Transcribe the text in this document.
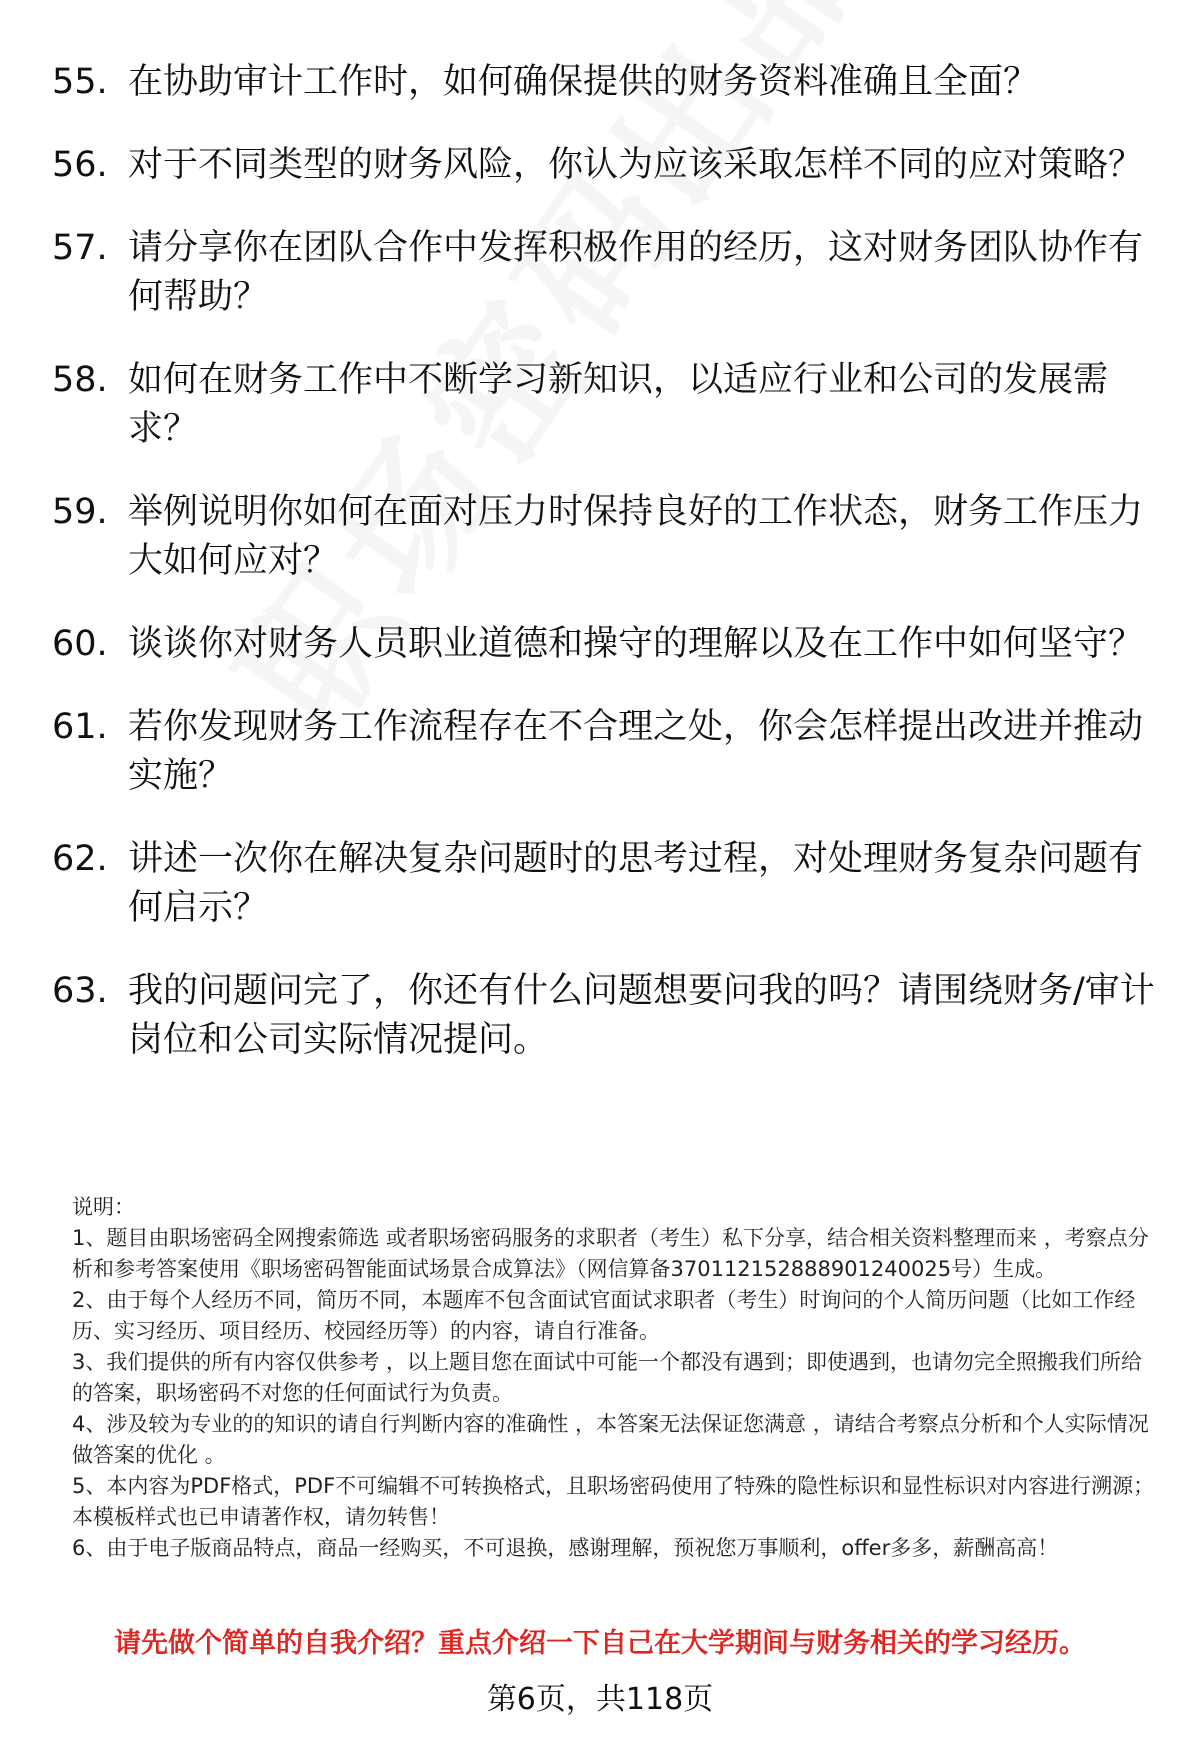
55. 在协助审计工作时，如何确保提供的财务资料准确且全面？
56. 对于不同类型的财务风险，你认为应该采取怎样不同的应对策略？
57. 请分享你在团队合作中发挥积极作用的经历，这对财务团队协作有何帮助？
58. 如何在财务工作中不断学习新知识，以适应行业和公司的发展需求？
59. 举例说明你如何在面对压力时保持良好的工作状态，财务工作压力大如何应对？
60. 谈谈你对财务人员职业道德和操守的理解以及在工作中如何坚守？
61. 若你发现财务工作流程存在不合理之处，你会怎样提出改进并推动实施？
62. 讲述一次你在解决复杂问题时的思考过程，对处理财务复杂问题有何启示？
63. 我的问题问完了，你还有什么问题想要问我的吗？请围绕财务/审计岗位和公司实际情况提问。
说明：
1、题目由职场密码全网搜索筛选 或者职场密码服务的求职者（考生）私下分享，结合相关资料整理而来 ，考察点分析和参考答案使用《职场密码智能面试场景合成算法》（网信算备370112152888901240025号）生成。
2、由于每个人经历不同，简历不同，本题库不包含面试官面试求职者（考生）时询问的个人简历问题（比如工作经历、实习经历、项目经历、校园经历等）的内容，请自行准备。
3、我们提供的所有内容仅供参考 ，以上题目您在面试中可能一个都没有遇到；即使遇到，也请勿完全照搬我们所给的答案，职场密码不对您的任何面试行为负责。
4、涉及较为专业的的知识的请自行判断内容的准确性 ，本答案无法保证您满意 ，请结合考察点分析和个人实际情况做答案的优化 。
5、本内容为PDF格式，PDF不可编辑不可转换格式，且职场密码使用了特殊的隐性标识和显性标识对内容进行溯源；本模板样式也已申请著作权，请勿转售！
6、由于电子版商品特点，商品一经购买，不可退换，感谢理解，预祝您万事顺利，offer多多，薪酬高高！
请先做个简单的自我介绍？重点介绍一下自己在大学期间与财务相关的学习经历。
第6页，共118页
